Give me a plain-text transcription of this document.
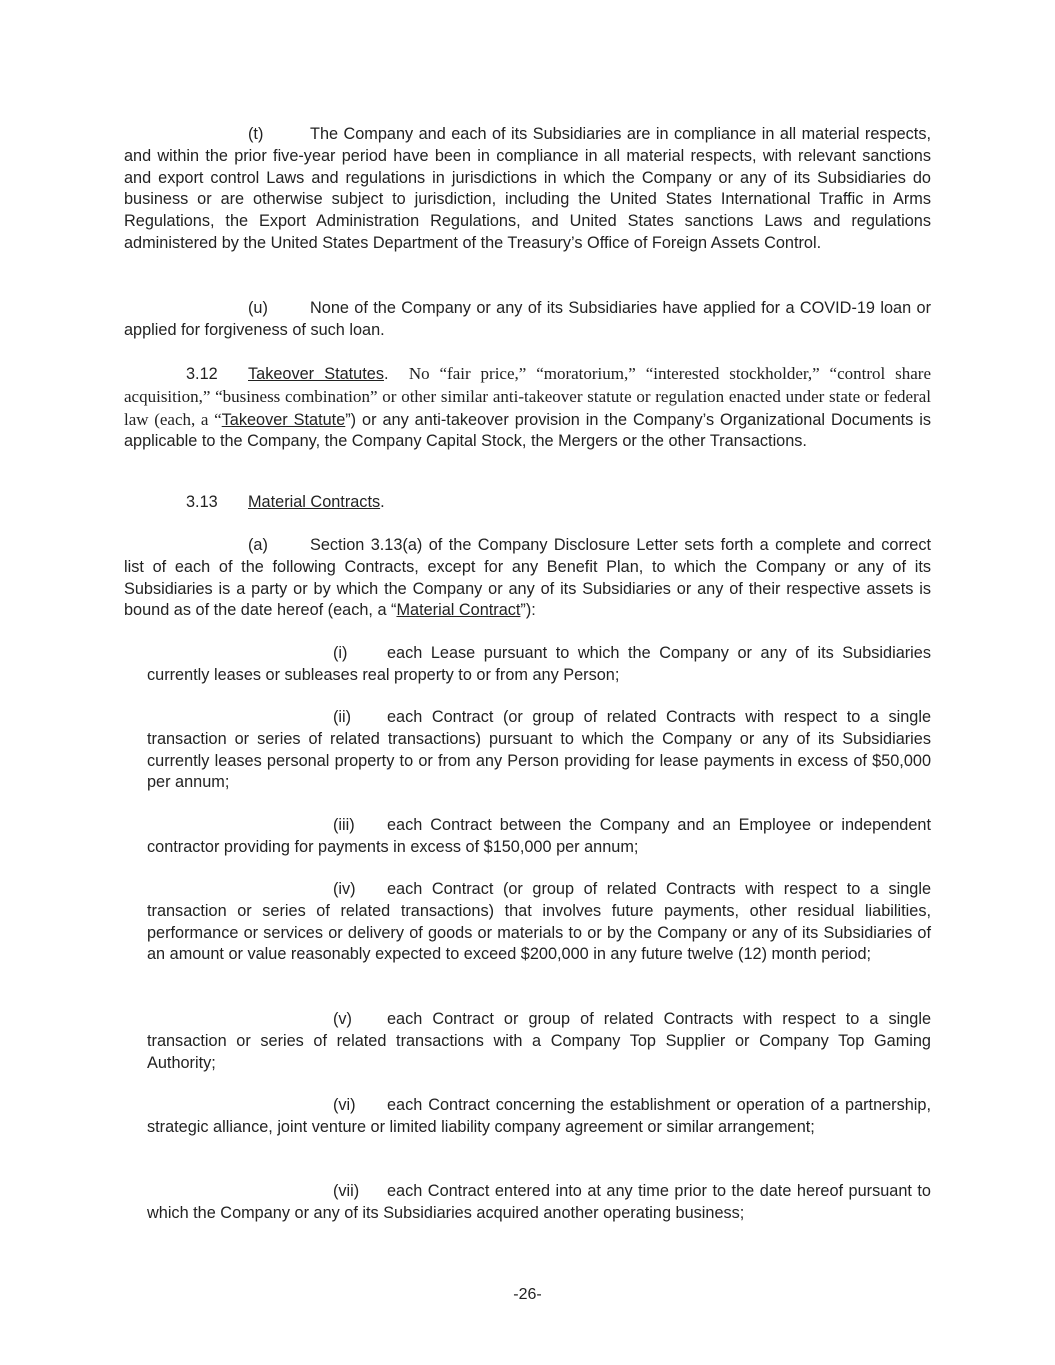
(t)	The Company and each of its Subsidiaries are in compliance in all material respects, and within the prior five-year period have been in compliance in all material respects, with relevant sanctions and export control Laws and regulations in jurisdictions in which the Company or any of its Subsidiaries do business or are otherwise subject to jurisdiction, including the United States International Traffic in Arms Regulations, the Export Administration Regulations, and United States sanctions Laws and regulations administered by the United States Department of the Treasury’s Office of Foreign Assets Control.

(u)	None of the Company or any of its Subsidiaries have applied for a COVID-19 loan or applied for forgiveness of such loan.

3.12 Takeover Statutes. No “fair price,” “moratorium,” “interested stockholder,” “control share acquisition,” “business combination” or other similar anti-takeover statute or regulation enacted under state or federal law (each, a “Takeover Statute”) or any anti-takeover provision in the Company’s Organizational Documents is applicable to the Company, the Company Capital Stock, the Mergers or the other Transactions.

3.13 Material Contracts.

(a)	Section 3.13(a) of the Company Disclosure Letter sets forth a complete and correct list of each of the following Contracts, except for any Benefit Plan, to which the Company or any of its Subsidiaries is a party or by which the Company or any of its Subsidiaries or any of their respective assets is bound as of the date hereof (each, a “Material Contract”):

(i) each Lease pursuant to which the Company or any of its Subsidiaries currently leases or subleases real property to or from any Person;

(ii) each Contract (or group of related Contracts with respect to a single transaction or series of related transactions) pursuant to which the Company or any of its Subsidiaries currently leases personal property to or from any Person providing for lease payments in excess of $50,000 per annum;

(iii) each Contract between the Company and an Employee or independent contractor providing for payments in excess of $150,000 per annum;

(iv) each Contract (or group of related Contracts with respect to a single transaction or series of related transactions) that involves future payments, other residual liabilities, performance or services or delivery of goods or materials to or by the Company or any of its Subsidiaries of an amount or value reasonably expected to exceed $200,000 in any future twelve (12) month period;

(v) each Contract or group of related Contracts with respect to a single transaction or series of related transactions with a Company Top Supplier or Company Top Gaming Authority;

(vi) each Contract concerning the establishment or operation of a partnership, strategic alliance, joint venture or limited liability company agreement or similar arrangement;

(vii) each Contract entered into at any time prior to the date hereof pursuant to which the Company or any of its Subsidiaries acquired another operating business;

-26-
